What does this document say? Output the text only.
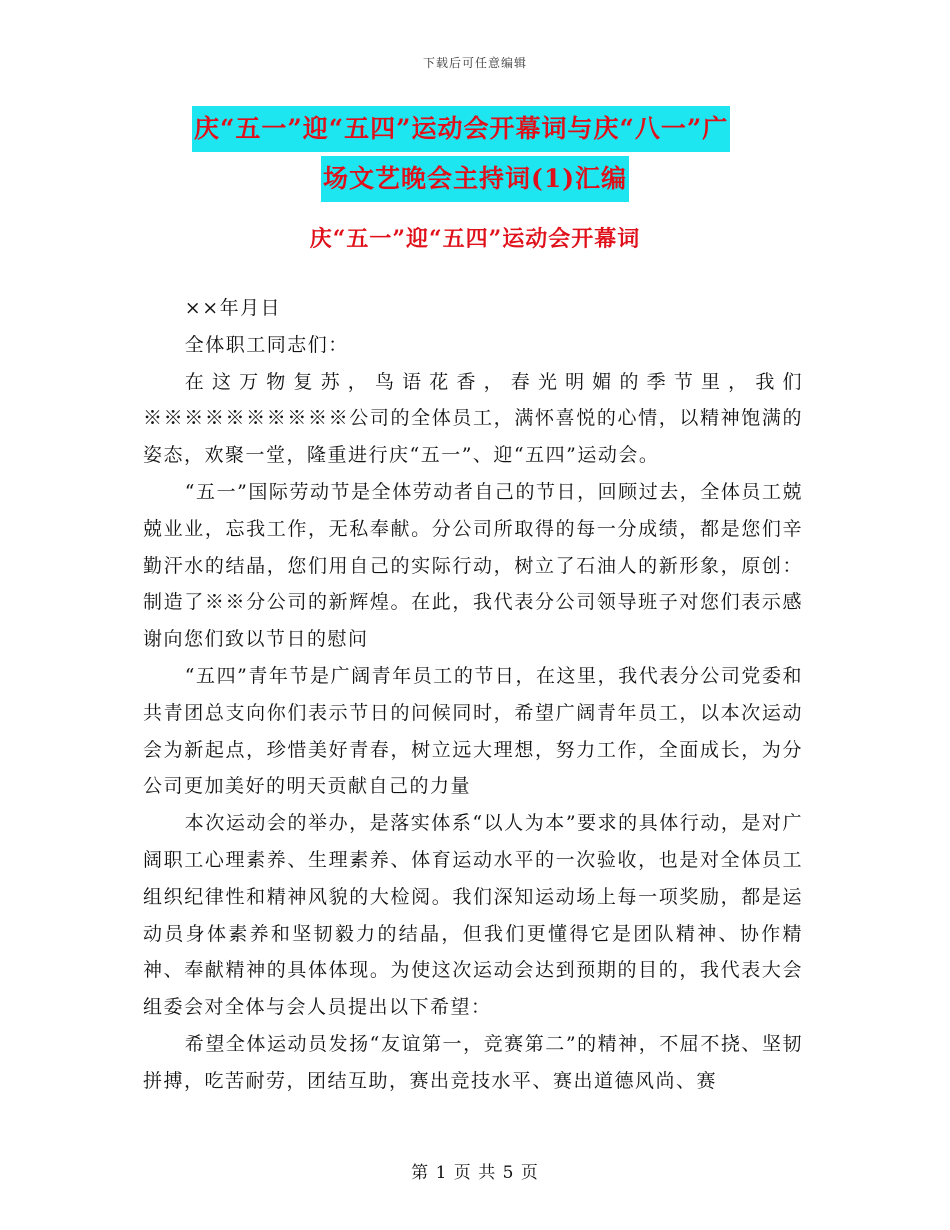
下载后可任意编辑
庆“五一”迎“五四”运动会开幕词与庆“八一”广
场文艺晚会主持词(1)汇编
庆“五一”迎“五四”运动会开幕词

××年月日

全体职工同志们：

在这万物复苏，鸟语花香，春光明媚的季节里，我们※※※※※※※※※※公司的全体员工，满怀喜悦的心情，以精神饱满的姿态，欢聚一堂，隆重进行庆“五一”、迎“五四”运动会。

“五一”国际劳动节是全体劳动者自己的节日，回顾过去，全体员工兢兢业业，忘我工作，无私奉献。分公司所取得的每一分成绩，都是您们辛勤汗水的结晶，您们用自己的实际行动，树立了石油人的新形象，原创：制造了※※分公司的新辉煌。在此，我代表分公司领导班子对您们表示感谢向您们致以节日的慰问

“五四”青年节是广阔青年员工的节日，在这里，我代表分公司党委和共青团总支向你们表示节日的问候同时，希望广阔青年员工，以本次运动会为新起点，珍惜美好青春，树立远大理想，努力工作，全面成长，为分公司更加美好的明天贡献自己的力量

本次运动会的举办，是落实体系“以人为本”要求的具体行动，是对广阔职工心理素养、生理素养、体育运动水平的一次验收，也是对全体员工组织纪律性和精神风貌的大检阅。我们深知运动场上每一项奖励，都是运动员身体素养和坚韧毅力的结晶，但我们更懂得它是团队精神、协作精神、奉献精神的具体体现。为使这次运动会达到预期的目的，我代表大会组委会对全体与会人员提出以下希望：

希望全体运动员发扬“友谊第一，竞赛第二”的精神，不屈不挠、坚韧拼搏，吃苦耐劳，团结互助，赛出竞技水平、赛出道德风尚、赛

第 1 页 共 5 页
